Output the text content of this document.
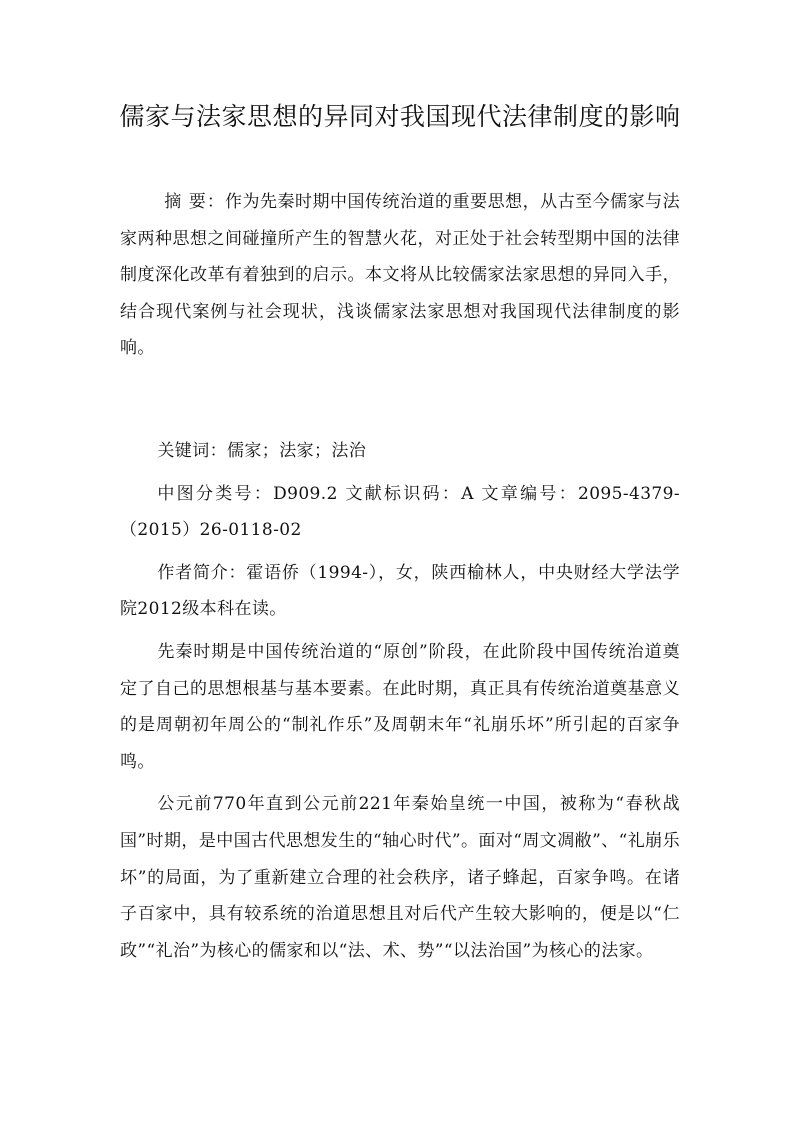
儒家与法家思想的异同对我国现代法律制度的影响

摘 要：作为先秦时期中国传统治道的重要思想，从古至今儒家与法家两种思想之间碰撞所产生的智慧火花，对正处于社会转型期中国的法律制度深化改革有着独到的启示。本文将从比较儒家法家思想的异同入手，结合现代案例与社会现状，浅谈儒家法家思想对我国现代法律制度的影响。

关键词：儒家；法家；法治

中图分类号：D909.2 文献标识码：A 文章编号：2095-4379-（2015）26-0118-02

作者简介：霍语侨（1994-），女，陕西榆林人，中央财经大学法学院2012级本科在读。

先秦时期是中国传统治道的“原创”阶段，在此阶段中国传统治道奠定了自己的思想根基与基本要素。在此时期，真正具有传统治道奠基意义的是周朝初年周公的“制礼作乐”及周朝末年“礼崩乐坏”所引起的百家争鸣。

公元前770年直到公元前221年秦始皇统一中国，被称为“春秋战国”时期，是中国古代思想发生的“轴心时代”。面对“周文凋敝”、“礼崩乐坏”的局面，为了重新建立合理的社会秩序，诸子蜂起，百家争鸣。在诸子百家中，具有较系统的治道思想且对后代产生较大影响的，便是以“仁政”“礼治”为核心的儒家和以“法、术、势”“以法治国”为核心的法家。
